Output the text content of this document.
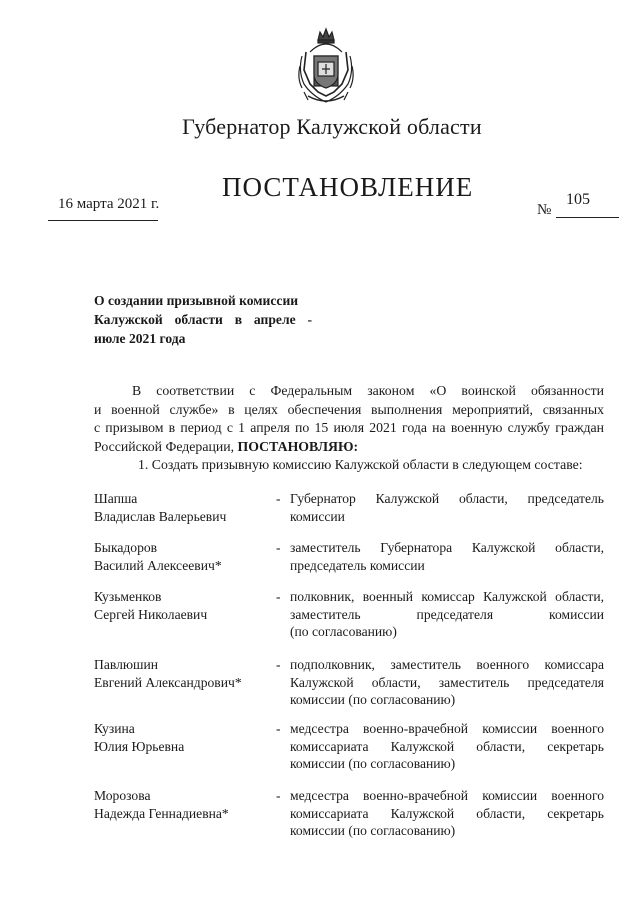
Губернатор Калужской области
16 марта 2021 г.
ПОСТАНОВЛЕНИЕ
№
105
О создании призывной комиссии
Калужской области в апреле -
июле 2021 года
В соответствии с Федеральным законом «О воинской обязанности
и военной службе» в целях обеспечения выполнения мероприятий, связанных
с призывом в период с 1 апреля по 15 июля 2021 года на военную службу граждан
Российской Федерации, ПОСТАНОВЛЯЮ:

1. Создать призывную комиссию Калужской области в следующем составе:

Шапша
Владислав Валерьевич
- Губернатор Калужской области, председатель
комиссии
Быкадоров
Василий Алексеевич*
- заместитель Губернатора Калужской области,
председатель комиссии
Кузьменков
Сергей Николаевич
- полковник, военный комиссар Калужской области,
заместитель председателя комиссии
(по согласованию)
Павлюшин
Евгений Александрович*
- подполковник, заместитель военного комиссара
Калужской области, заместитель председателя
комиссии (по согласованию)
Кузина
Юлия Юрьевна
- медсестра военно-врачебной комиссии военного
комиссариата Калужской области, секретарь
комиссии (по согласованию)
Морозова
Надежда Геннадиевна*
- медсестра военно-врачебной комиссии военного
комиссариата Калужской области, секретарь
комиссии (по согласованию)
